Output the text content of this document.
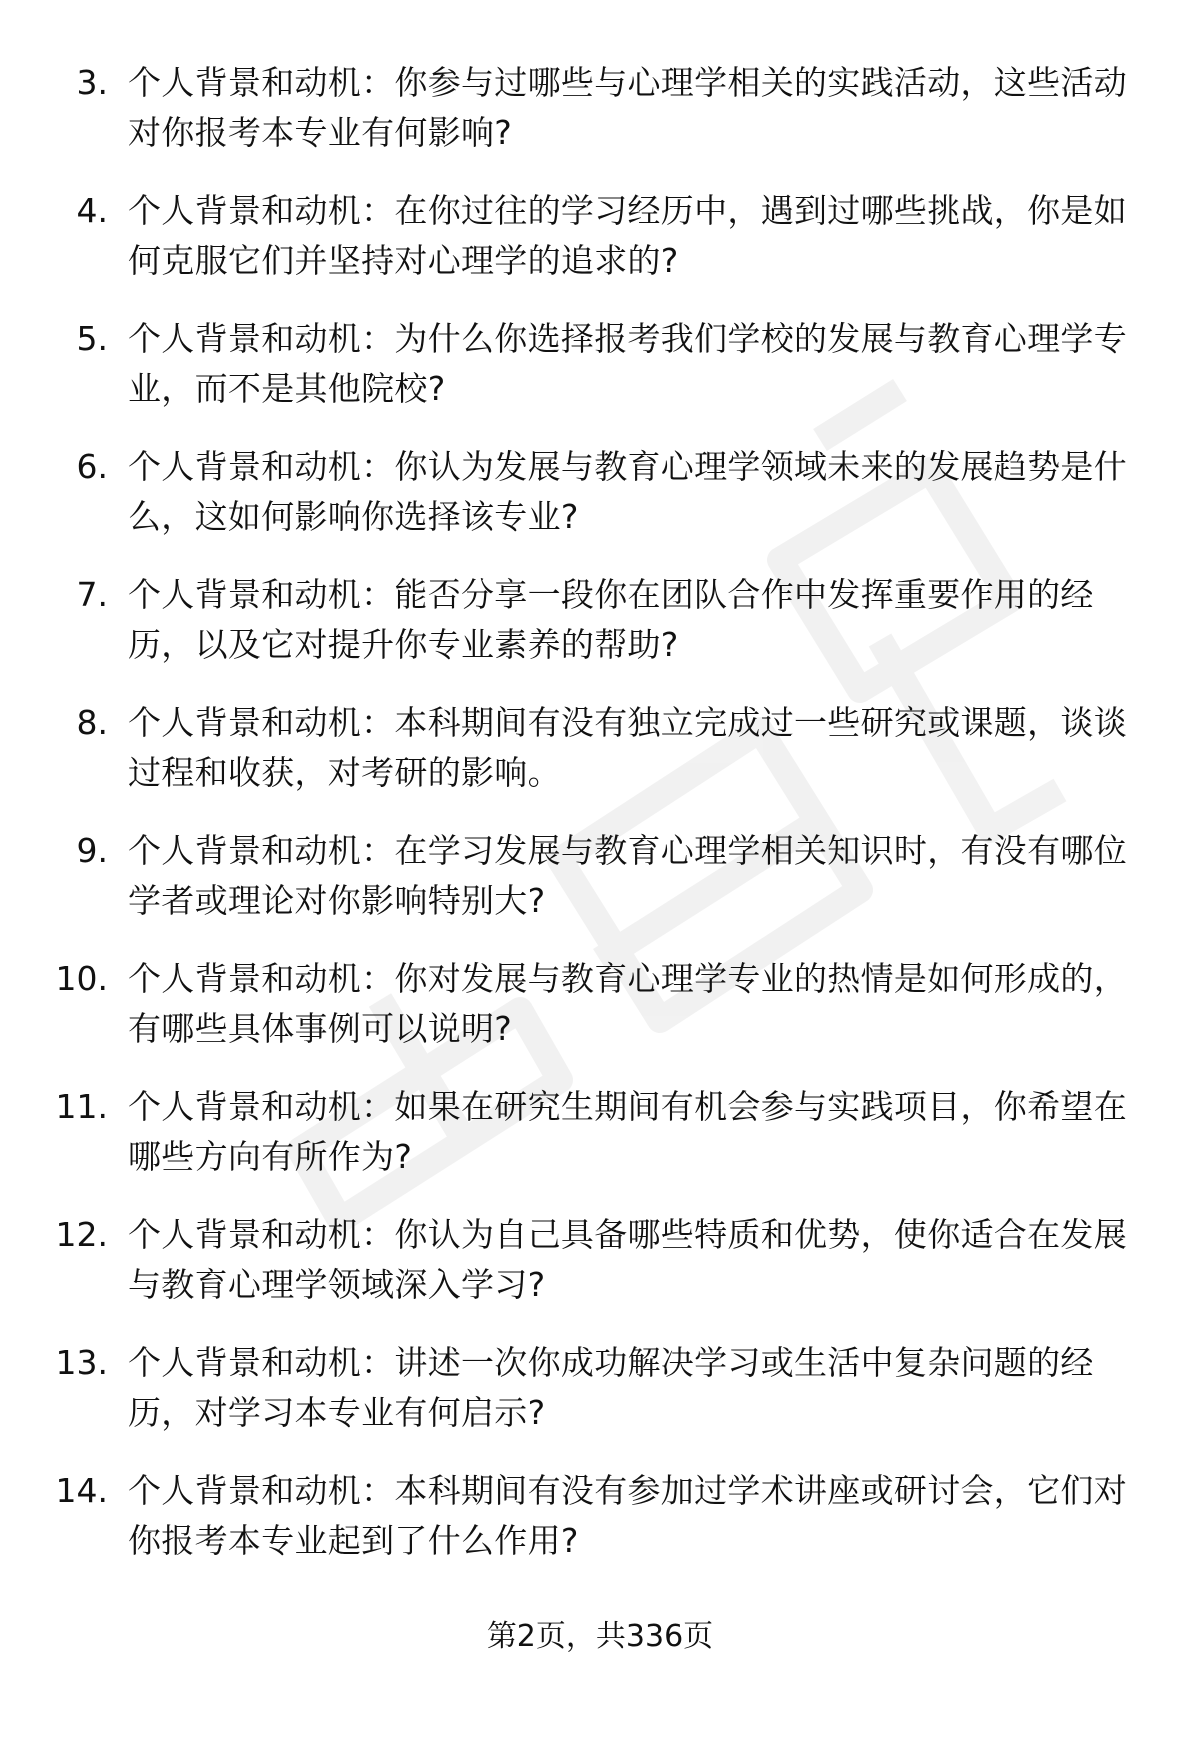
3. 个人背景和动机：你参与过哪些与心理学相关的实践活动，这些活动对你报考本专业有何影响?
4. 个人背景和动机：在你过往的学习经历中，遇到过哪些挑战，你是如何克服它们并坚持对心理学的追求的?
5. 个人背景和动机：为什么你选择报考我们学校的发展与教育心理学专业，而不是其他院校?
6. 个人背景和动机：你认为发展与教育心理学领域未来的发展趋势是什么，这如何影响你选择该专业?
7. 个人背景和动机：能否分享一段你在团队合作中发挥重要作用的经历，以及它对提升你专业素养的帮助?
8. 个人背景和动机：本科期间有没有独立完成过一些研究或课题，谈谈过程和收获，对考研的影响。
9. 个人背景和动机：在学习发展与教育心理学相关知识时，有没有哪位学者或理论对你影响特别大?
10. 个人背景和动机：你对发展与教育心理学专业的热情是如何形成的，有哪些具体事例可以说明?
11. 个人背景和动机：如果在研究生期间有机会参与实践项目，你希望在哪些方向有所作为?
12. 个人背景和动机：你认为自己具备哪些特质和优势，使你适合在发展与教育心理学领域深入学习?
13. 个人背景和动机：讲述一次你成功解决学习或生活中复杂问题的经历，对学习本专业有何启示?
14. 个人背景和动机：本科期间有没有参加过学术讲座或研讨会，它们对你报考本专业起到了什么作用?
第2页，共336页
